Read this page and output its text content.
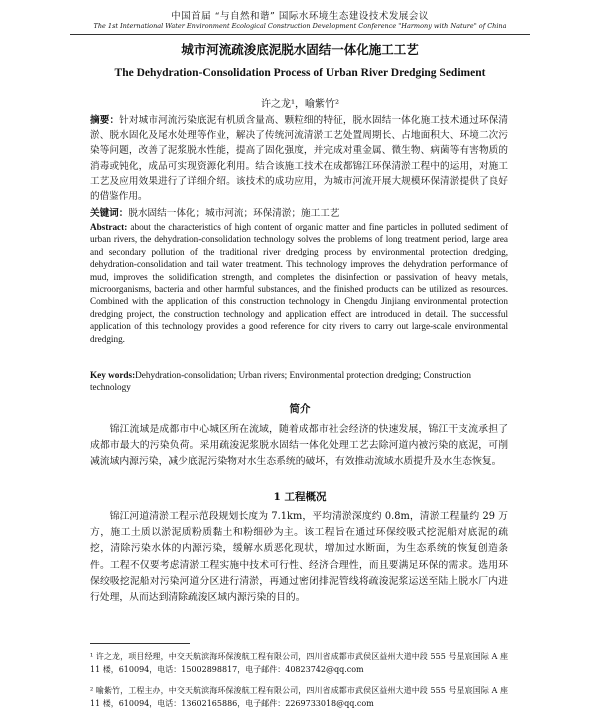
中国首届 “与自然和谐” 国际水环境生态建设技术发展会议
The 1st International Water Environment Ecological Construction Development Conference "Harmony with Nature" of China
城市河流疏浚底泥脱水固结一体化施工工艺
The Dehydration-Consolidation Process of Urban River Dredging Sediment
许之龙¹，喻紫竹²
摘要：针对城市河流污染底泥有机质含量高、颗粒细的特征，脱水固结一体化施工技术通过环保清淤、脱水固化及尾水处理等作业，解决了传统河流清淤工艺处置周期长、占地面积大、环境二次污染等问题，改善了泥浆脱水性能，提高了固化强度，并完成对重金属、微生物、病菌等有害物质的消毒或钝化，成品可实现资源化利用。结合该施工技术在成都锦江环保清淤工程中的运用，对施工工艺及应用效果进行了详细介绍。该技术的成功应用，为城市河流开展大规模环保清淤提供了良好的借鉴作用。
关键词：脱水固结一体化；城市河流；环保清淤；施工工艺
Abstract: about the characteristics of high content of organic matter and fine particles in polluted sediment of urban rivers, the dehydration-consolidation technology solves the problems of long treatment period, large area and secondary pollution of the traditional river dredging process by environmental protection dredging, dehydration-consolidation and tail water treatment. This technology improves the dehydration performance of mud, improves the solidification strength, and completes the disinfection or passivation of heavy metals, microorganisms, bacteria and other harmful substances, and the finished products can be utilized as resources. Combined with the application of this construction technology in Chengdu Jinjiang environmental protection dredging project, the construction technology and application effect are introduced in detail. The successful application of this technology provides a good reference for city rivers to carry out large-scale environmental dredging.
Key words:Dehydration-consolidation; Urban rivers; Environmental protection dredging; Construction technology
简介
锦江流域是成都市中心城区所在流域，随着成都市社会经济的快速发展，锦江干支流承担了成都市最大的污染负荷。采用疏浚泥浆脱水固结一体化处理工艺去除河道内被污染的底泥，可削减流域内源污染，减少底泥污染物对水生态系统的破坏，有效推动流域水质提升及水生态恢复。
1 工程概况
锦江河道清淤工程示范段规划长度为 7.1km，平均清淤深度约 0.8m，清淤工程量约 29 万方，施工土质以淤泥质粉质黏土和粉细砂为主。该工程旨在通过环保绞吸式挖泥船对底泥的疏挖，清除污染水体的内源污染，缓解水质恶化现状，增加过水断面，为生态系统的恢复创造条件。工程不仅要考虑清淤工程实施中技术可行性、经济合理性，而且要满足环保的需求。选用环保绞吸挖泥船对污染河道分区进行清淤，再通过密闭排泥管线将疏浚泥浆运送至陆上脱水厂内进行处理，从而达到清除疏浚区域内源污染的目的。
¹ 许之龙，项目经理，中交天航滨海环保浚航工程有限公司，四川省成都市武侯区益州大道中段 555 号星宸国际 A 座 11 楼，610094，电话：15002898817，电子邮件：40823742@qq.com
² 喻紫竹，工程主办，中交天航滨海环保浚航工程有限公司，四川省成都市武侯区益州大道中段 555 号星宸国际 A 座 11 楼，610094，电话：13602165886，电子邮件：2269733018@qq.com
